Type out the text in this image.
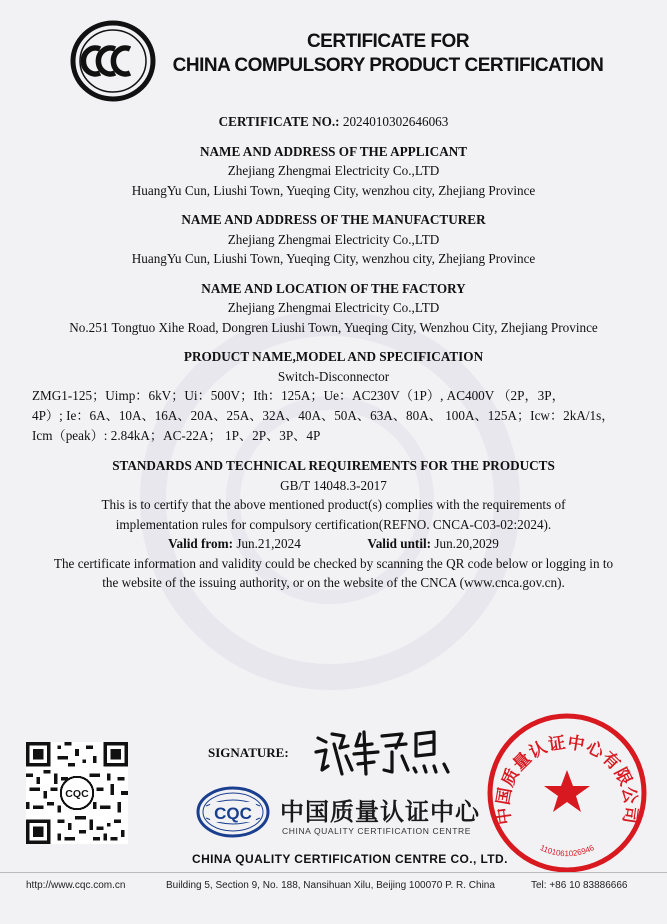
CERTIFICATE FOR
CHINA COMPULSORY PRODUCT CERTIFICATION
CERTIFICATE NO.: 2024010302646063
NAME AND ADDRESS OF THE APPLICANT
Zhejiang Zhengmai Electricity Co.,LTD
HuangYu Cun, Liushi Town, Yueqing City, wenzhou city, Zhejiang Province
NAME AND ADDRESS OF THE MANUFACTURER
Zhejiang Zhengmai Electricity Co.,LTD
HuangYu Cun, Liushi Town, Yueqing City, wenzhou city, Zhejiang Province
NAME AND LOCATION OF THE FACTORY
Zhejiang Zhengmai Electricity Co.,LTD
No.251 Tongtuo Xihe Road, Dongren Liushi Town, Yueqing City, Wenzhou City, Zhejiang Province
PRODUCT NAME,MODEL AND SPECIFICATION
Switch-Disconnector
ZMG1-125；Uimp：6kV；Ui：500V；Ith：125A；Ue：AC230V（1P）, AC400V （2P，3P，
4P）; Ie：6A、10A、16A、20A、25A、32A、40A、50A、63A、80A、 100A、125A；Icw：2kA/1s，
Icm（peak）: 2.84kA；AC-22A； 1P、2P、3P、4P
STANDARDS AND TECHNICAL REQUIREMENTS FOR THE PRODUCTS
GB/T 14048.3-2017
This is to certify that the above mentioned product(s) complies with the requirements of
implementation rules for compulsory certification(REFNO. CNCA-C03-02:2024).
Valid from: Jun.21,2024	Valid until: Jun.20,2029
The certificate information and validity could be checked by scanning the QR code below or logging in to
the website of the issuing authority, or on the website of the CNCA (www.cnca.gov.cn).
CQC
SIGNATURE:
CQC 中国质量认证中心
CHINA QUALITY CERTIFICATION CENTRE
CHINA QUALITY CERTIFICATION CENTRE CO., LTD.
中国质量认证中心有限公司
1101061026946
http://www.cqc.com.cn	Building 5, Section 9, No. 188, Nansihuan Xilu, Beijing 100070 P. R. China	Tel: +86 10 83886666
